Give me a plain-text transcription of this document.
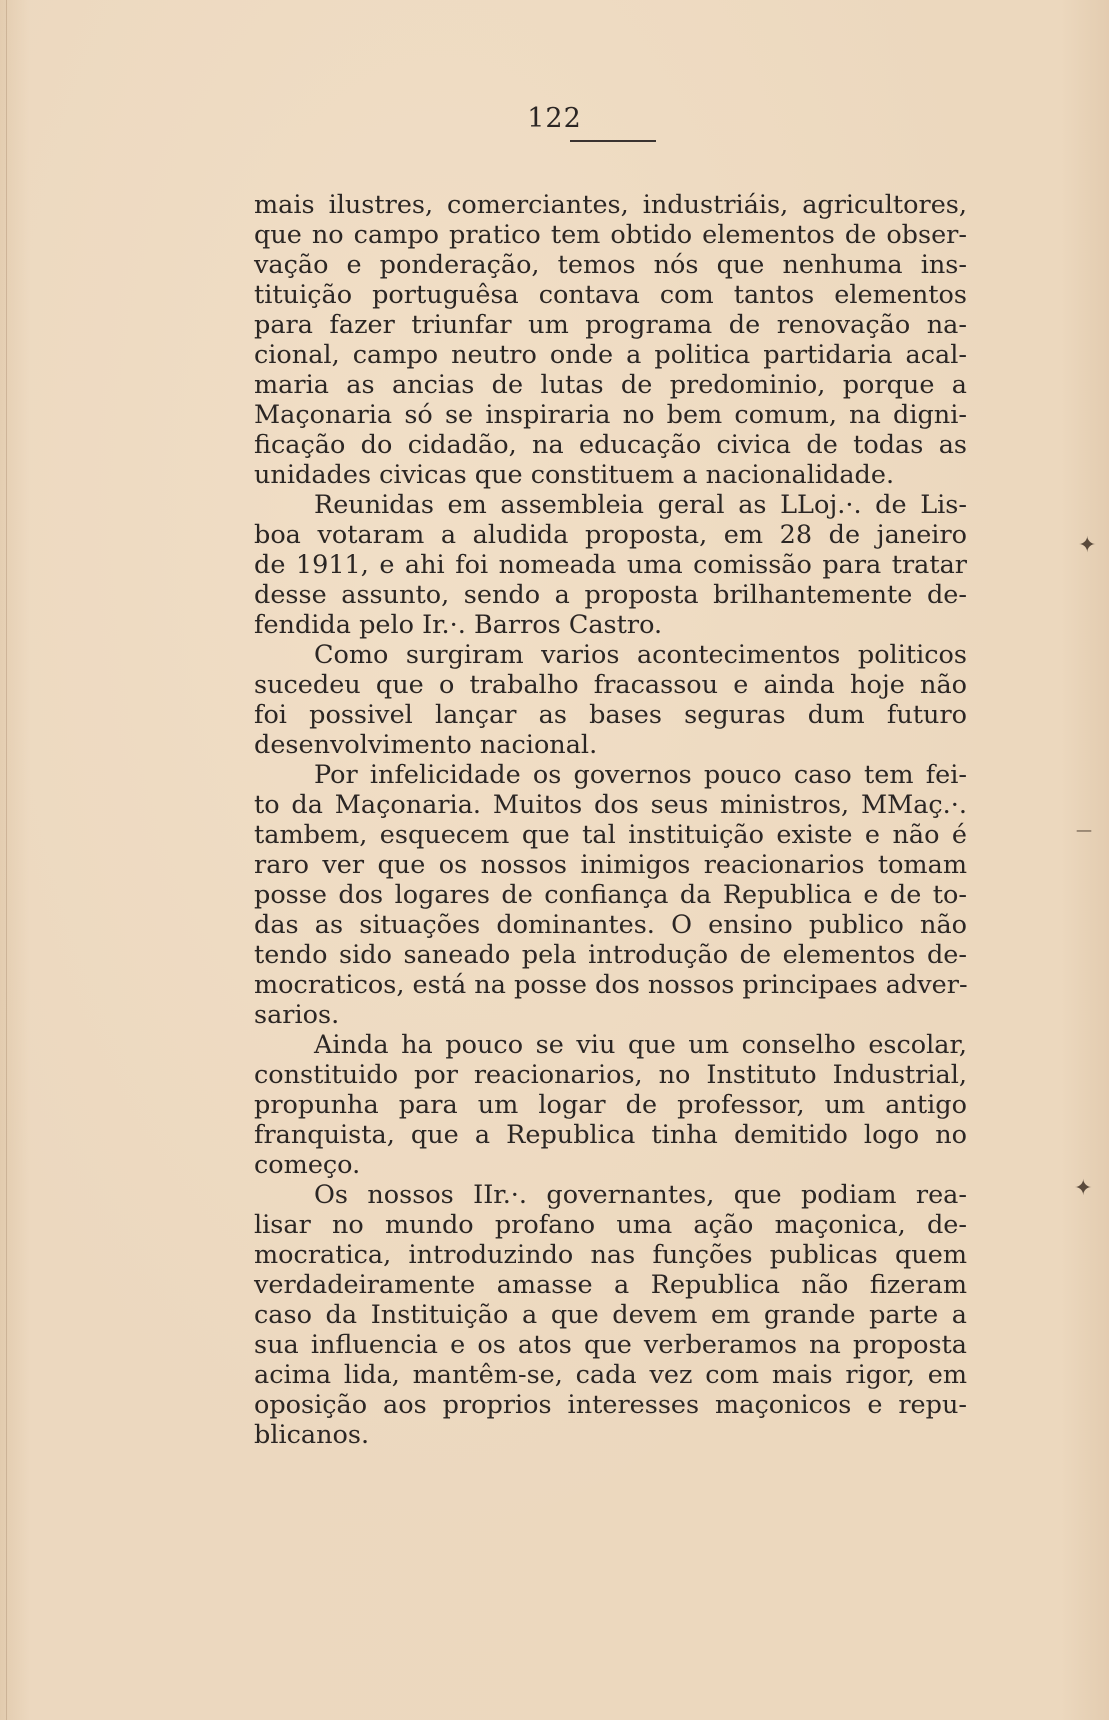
122
mais ilustres, comerciantes, industriáis, agricultores,
que no campo pratico tem obtido elementos de obser-
vação e ponderação, temos nós que nenhuma ins-
tituição portuguêsa contava com tantos elementos
para fazer triunfar um programa de renovação na-
cional, campo neutro onde a politica partidaria acal-
maria as ancias de lutas de predominio, porque a
Maçonaria só se inspiraria no bem comum, na digni-
ficação do cidadão, na educação civica de todas as
unidades civicas que constituem a nacionalidade.
Reunidas em assembleia geral as LLoj.·. de Lis-
boa votaram a aludida proposta, em 28 de janeiro
de 1911, e ahi foi nomeada uma comissão para tratar
desse assunto, sendo a proposta brilhantemente de-
fendida pelo Ir.·. Barros Castro.
Como surgiram varios acontecimentos politicos
sucedeu que o trabalho fracassou e ainda hoje não
foi possivel lançar as bases seguras dum futuro
desenvolvimento nacional.
Por infelicidade os governos pouco caso tem fei-
to da Maçonaria. Muitos dos seus ministros, MMaç.·.
tambem, esquecem que tal instituição existe e não é
raro ver que os nossos inimigos reacionarios tomam
posse dos logares de confiança da Republica e de to-
das as situações dominantes. O ensino publico não
tendo sido saneado pela introdução de elementos de-
mocraticos, está na posse dos nossos principaes adver-
sarios.
Ainda ha pouco se viu que um conselho escolar,
constituido por reacionarios, no Instituto Industrial,
propunha para um logar de professor, um antigo
franquista, que a Republica tinha demitido logo no
começo.
Os nossos IIr.·. governantes, que podiam rea-
lisar no mundo profano uma ação maçonica, de-
mocratica, introduzindo nas funções publicas quem
verdadeiramente amasse a Republica não fizeram
caso da Instituição a que devem em grande parte a
sua influencia e os atos que verberamos na proposta
acima lida, mantêm-se, cada vez com mais rigor, em
oposição aos proprios interesses maçonicos e repu-
blicanos.
✦
—
✦
